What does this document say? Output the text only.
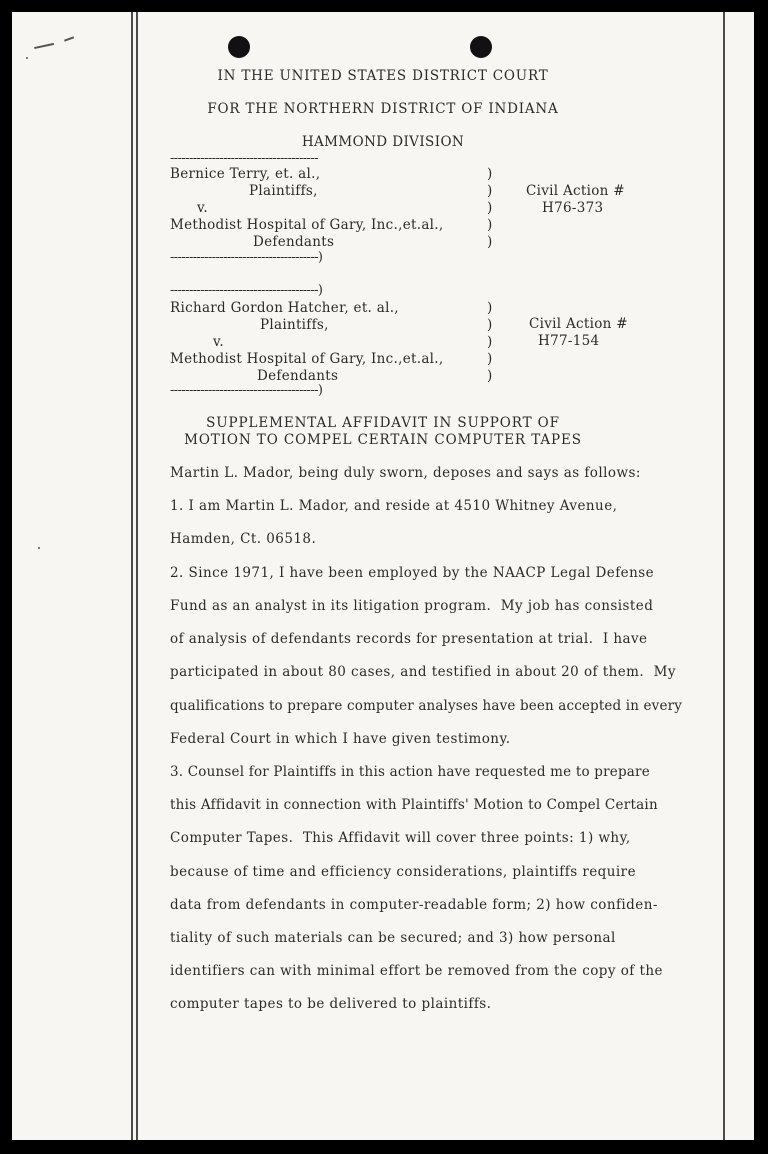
IN THE UNITED STATES DISTRICT COURT
FOR THE NORTHERN DISTRICT OF INDIANA
HAMMOND DIVISION
---------------------------------------
Bernice Terry, et. al.,
Plaintiffs,
v.
Methodist Hospital of Gary, Inc.,et.al.,
Defendants
---------------------------------------)
)
)
)
)
)
Civil Action #
H76-373
---------------------------------------)
Richard Gordon Hatcher, et. al.,
Plaintiffs,
v.
Methodist Hospital of Gary, Inc.,et.al.,
Defendants
---------------------------------------)
)
)
)
)
)
Civil Action #
H77-154
SUPPLEMENTAL AFFIDAVIT IN SUPPORT OF
MOTION TO COMPEL CERTAIN COMPUTER TAPES
Martin L. Mador, being duly sworn, deposes and says as follows:
1. I am Martin L. Mador, and reside at 4510 Whitney Avenue,
Hamden, Ct. 06518.
2. Since 1971, I have been employed by the NAACP Legal Defense
Fund as an analyst in its litigation program.  My job has consisted
of analysis of defendants records for presentation at trial.  I have
participated in about 80 cases, and testified in about 20 of them.  My
qualifications to prepare computer analyses have been accepted in every
Federal Court in which I have given testimony.
3. Counsel for Plaintiffs in this action have requested me to prepare
this Affidavit in connection with Plaintiffs' Motion to Compel Certain
Computer Tapes.  This Affidavit will cover three points: 1) why,
because of time and efficiency considerations, plaintiffs require
data from defendants in computer-readable form; 2) how confiden-
tiality of such materials can be secured; and 3) how personal
identifiers can with minimal effort be removed from the copy of the
computer tapes to be delivered to plaintiffs.
